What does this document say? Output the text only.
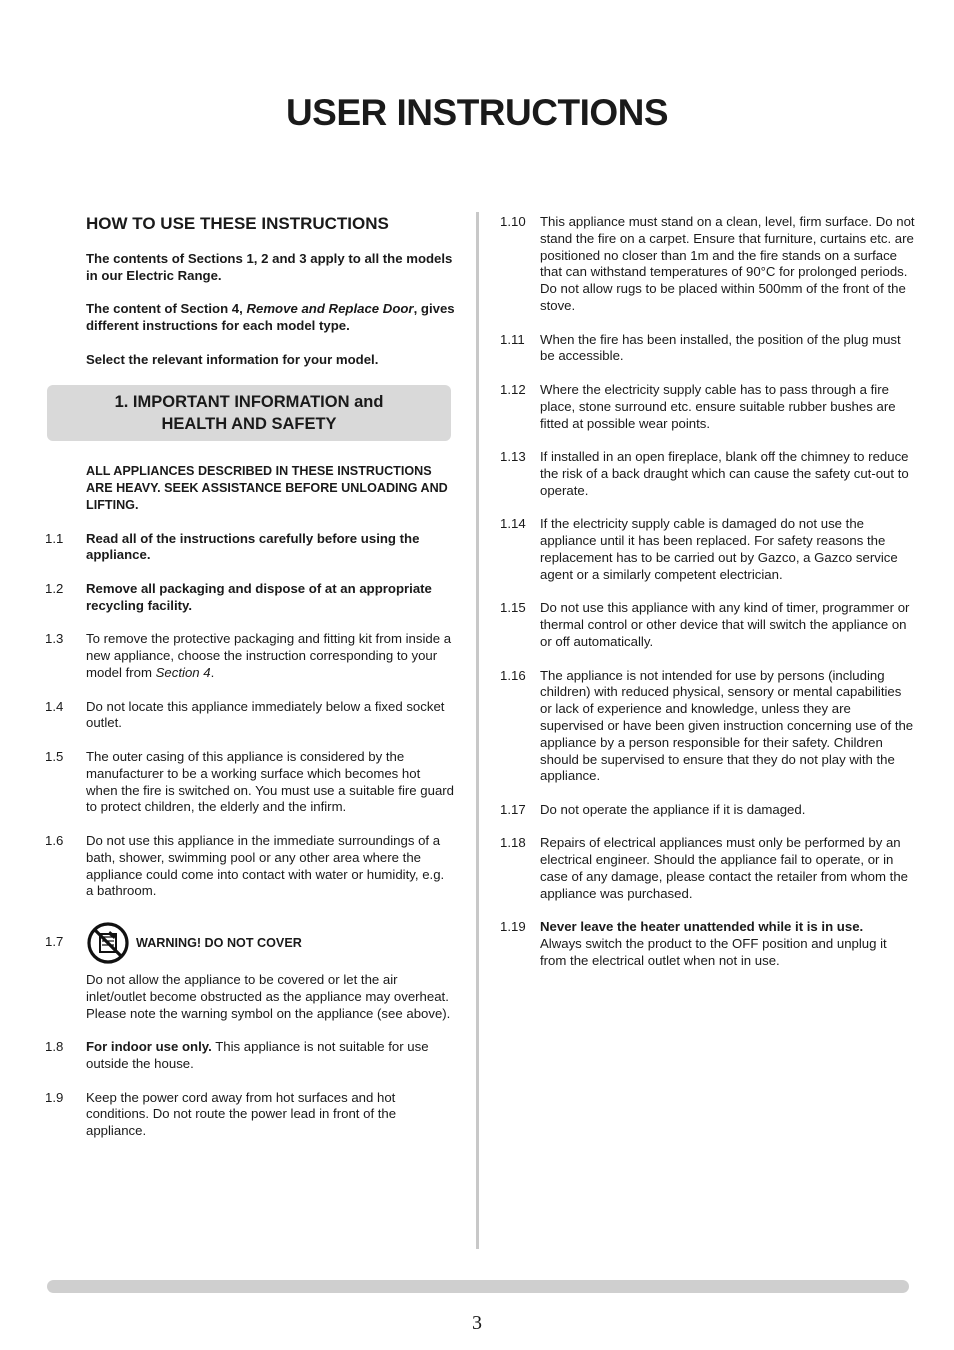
USER INSTRUCTIONS
HOW TO USE THESE INSTRUCTIONS

The contents of Sections 1, 2 and 3 apply to all the models in our Electric Range.

The content of Section 4, Remove and Replace Door, gives different instructions for each model type.

Select the relevant information for your model.

1. IMPORTANT INFORMATION and
HEALTH AND SAFETY

ALL APPLIANCES DESCRIBED IN THESE INSTRUCTIONS ARE HEAVY. SEEK ASSISTANCE BEFORE UNLOADING AND LIFTING.

1.1	Read all of the instructions carefully before using the appliance.
1.2	Remove all packaging and dispose of at an appropriate recycling facility.
1.3	To remove the protective packaging and fitting kit from inside a new appliance, choose the instruction corresponding to your model from Section 4.
1.4	Do not locate this appliance immediately below a fixed socket outlet.
1.5	The outer casing of this appliance is considered by the manufacturer to be a working surface which becomes hot when the fire is switched on. You must use a suitable fire guard to protect children, the elderly and the infirm.
1.6	Do not use this appliance in the immediate surroundings of a bath, shower, swimming pool or any other area where the appliance could come into contact with water or humidity, e.g. a bathroom.
1.7	WARNING! DO NOT COVER
Do not allow the appliance to be covered or let the air inlet/outlet become obstructed as the appliance may overheat. Please note the warning symbol on the appliance (see above).
1.8	For indoor use only. This appliance is not suitable for use outside the house.
1.9	Keep the power cord away from hot surfaces and hot conditions. Do not route the power lead in front of the appliance.
1.10	This appliance must stand on a clean, level, firm surface. Do not stand the fire on a carpet. Ensure that furniture, curtains etc. are positioned no closer than 1m and the fire stands on a surface that can withstand temperatures of 90°C for prolonged periods. Do not allow rugs to be placed within 500mm of the front of the stove.
1.11	When the fire has been installed, the position of the plug must be accessible.
1.12	Where the electricity supply cable has to pass through a fire place, stone surround etc. ensure suitable rubber bushes are fitted at possible wear points.
1.13	If installed in an open fireplace, blank off the chimney to reduce the risk of a back draught which can cause the safety cut-out to operate.
1.14	If the electricity supply cable is damaged do not use the appliance until it has been replaced. For safety reasons the replacement has to be carried out by Gazco, a Gazco service agent or a similarly competent electrician.
1.15	Do not use this appliance with any kind of timer, programmer or thermal control or other device that will switch the appliance on or off automatically.
1.16	The appliance is not intended for use by persons (including children) with reduced physical, sensory or mental capabilities or lack of experience and knowledge, unless they are supervised or have been given instruction concerning use of the appliance by a person responsible for their safety. Children should be supervised to ensure that they do not play with the appliance.
1.17	Do not operate the appliance if it is damaged.
1.18	Repairs of electrical appliances must only be performed by an electrical engineer. Should the appliance fail to operate, or in case of any damage, please contact the retailer from whom the appliance was purchased.
1.19	Never leave the heater unattended while it is in use.
Always switch the product to the OFF position and unplug it from the electrical outlet when not in use.
3
